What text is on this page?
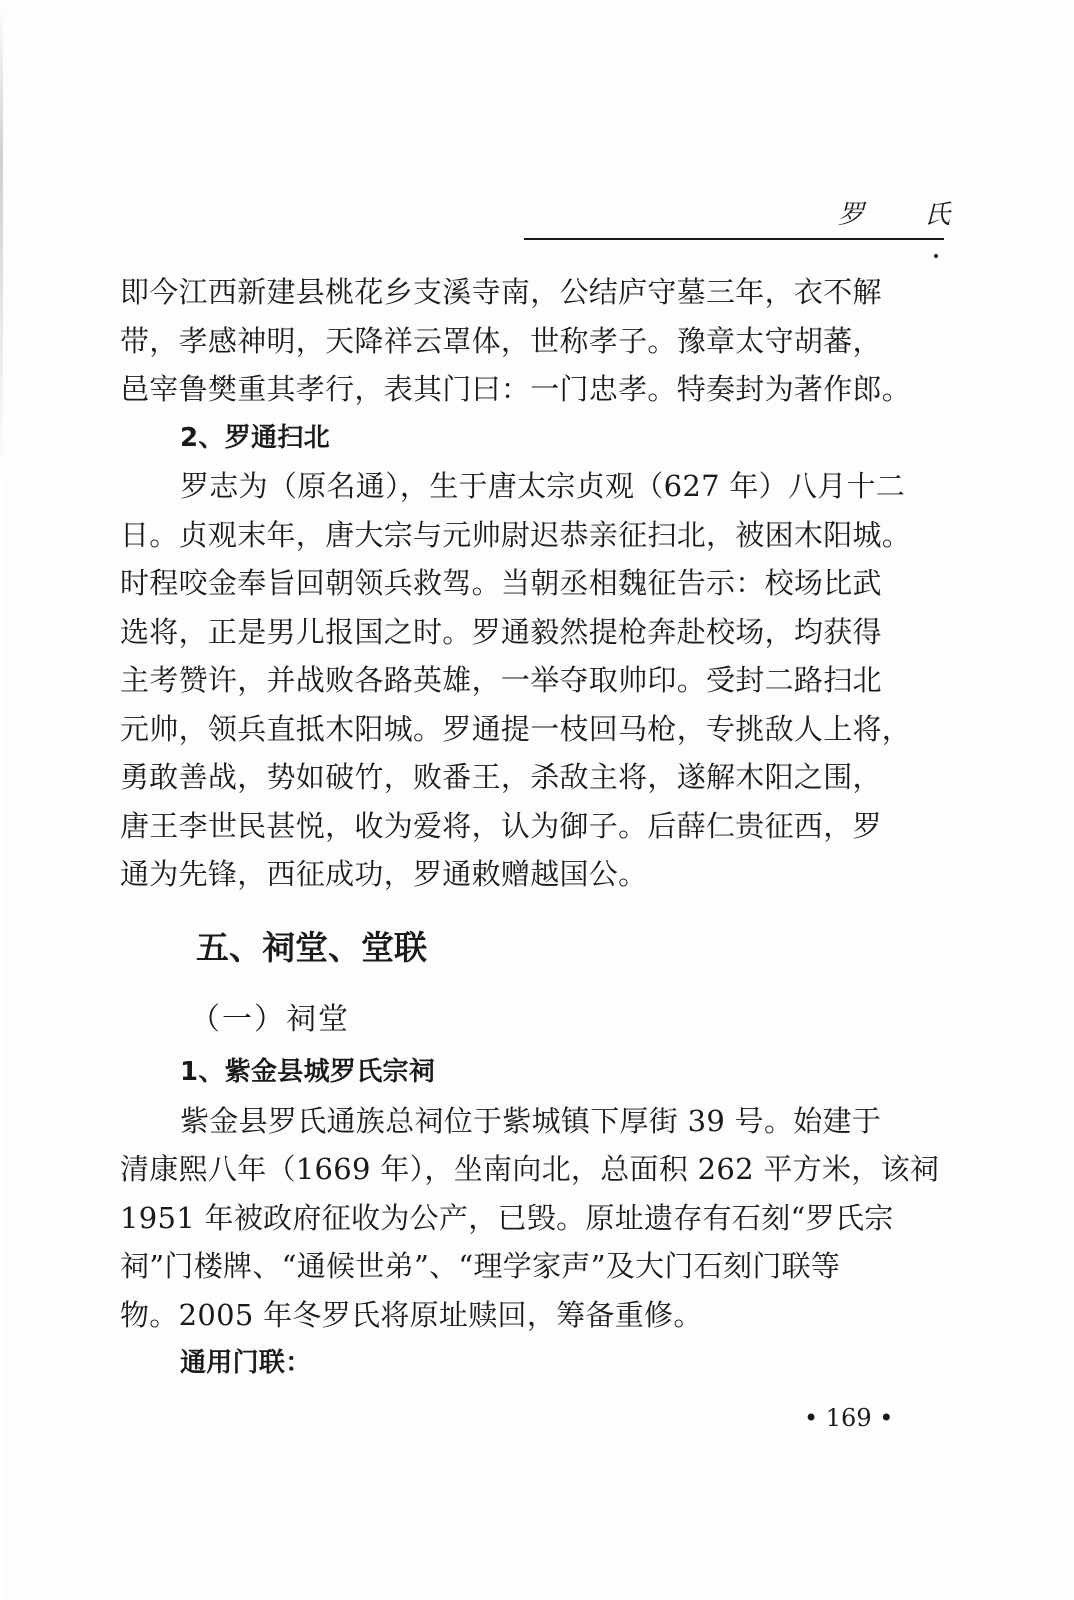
罗 氏
即今江西新建县桃花乡支溪寺南，公结庐守墓三年，衣不解
带，孝感神明，天降祥云罩体，世称孝子。豫章太守胡蕃，
邑宰鲁樊重其孝行，表其门曰：一门忠孝。特奏封为著作郎。
2、罗通扫北
罗志为（原名通），生于唐太宗贞观（627 年）八月十二
日。贞观末年，唐大宗与元帅尉迟恭亲征扫北，被困木阳城。
时程咬金奉旨回朝领兵救驾。当朝丞相魏征告示：校场比武
选将，正是男儿报国之时。罗通毅然提枪奔赴校场，均获得
主考赞许，并战败各路英雄，一举夺取帅印。受封二路扫北
元帅，领兵直抵木阳城。罗通提一枝回马枪，专挑敌人上将，
勇敢善战，势如破竹，败番王，杀敌主将，遂解木阳之围，
唐王李世民甚悦，收为爱将，认为御子。后薛仁贵征西，罗
通为先锋，西征成功，罗通敕赠越国公。
五、祠堂、堂联
（一）祠堂
1、紫金县城罗氏宗祠
紫金县罗氏通族总祠位于紫城镇下厚街 39 号。始建于
清康熙八年（1669 年），坐南向北，总面积 262 平方米，该祠
1951 年被政府征收为公产，已毁。原址遗存有石刻“罗氏宗
祠”门楼牌、“通候世弟”、“理学家声”及大门石刻门联等
物。2005 年冬罗氏将原址赎回，筹备重修。
通用门联：
• 169 •
